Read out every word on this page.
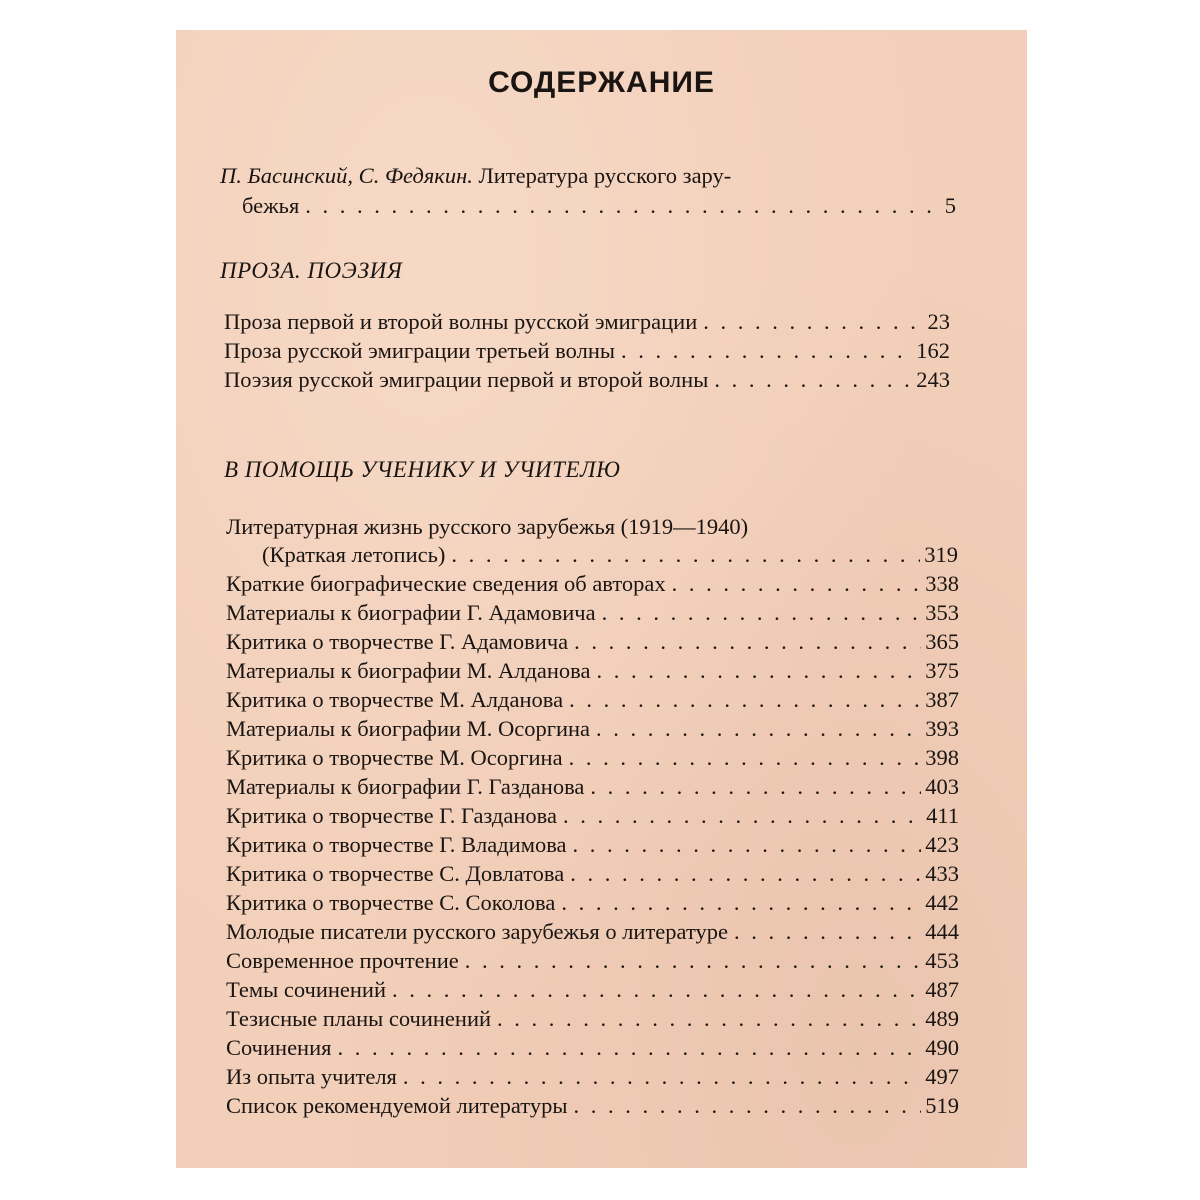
СОДЕРЖАНИЕ
П. Басинский, С. Федякин. Литература русского зару-
бежья . . .	5
ПРОЗА. ПОЭЗИЯ
Проза первой и второй волны русской эмиграции . . .	23
Проза русской эмиграции третьей волны . . .	162
Поэзия русской эмиграции первой и второй волны . . .	243
В ПОМОЩЬ УЧЕНИКУ И УЧИТЕЛЮ
Литературная жизнь русского зарубежья (1919—1940)
(Краткая летопись) . . .	319
Краткие биографические сведения об авторах . . .	338
Материалы к биографии Г. Адамовича . . .	353
Критика о творчестве Г. Адамовича . . .	365
Материалы к биографии М. Алданова . . .	375
Критика о творчестве М. Алданова . . .	387
Материалы к биографии М. Осоргина . . .	393
Критика о творчестве М. Осоргина . . .	398
Материалы к биографии Г. Газданова . . .	403
Критика о творчестве Г. Газданова . . .	411
Критика о творчестве Г. Владимова . . .	423
Критика о творчестве С. Довлатова . . .	433
Критика о творчестве С. Соколова . . .	442
Молодые писатели русского зарубежья о литературе . . .	444
Современное прочтение . . .	453
Темы сочинений . . .	487
Тезисные планы сочинений . . .	489
Сочинения . . .	490
Из опыта учителя . . .	497
Список рекомендуемой литературы . . .	519
